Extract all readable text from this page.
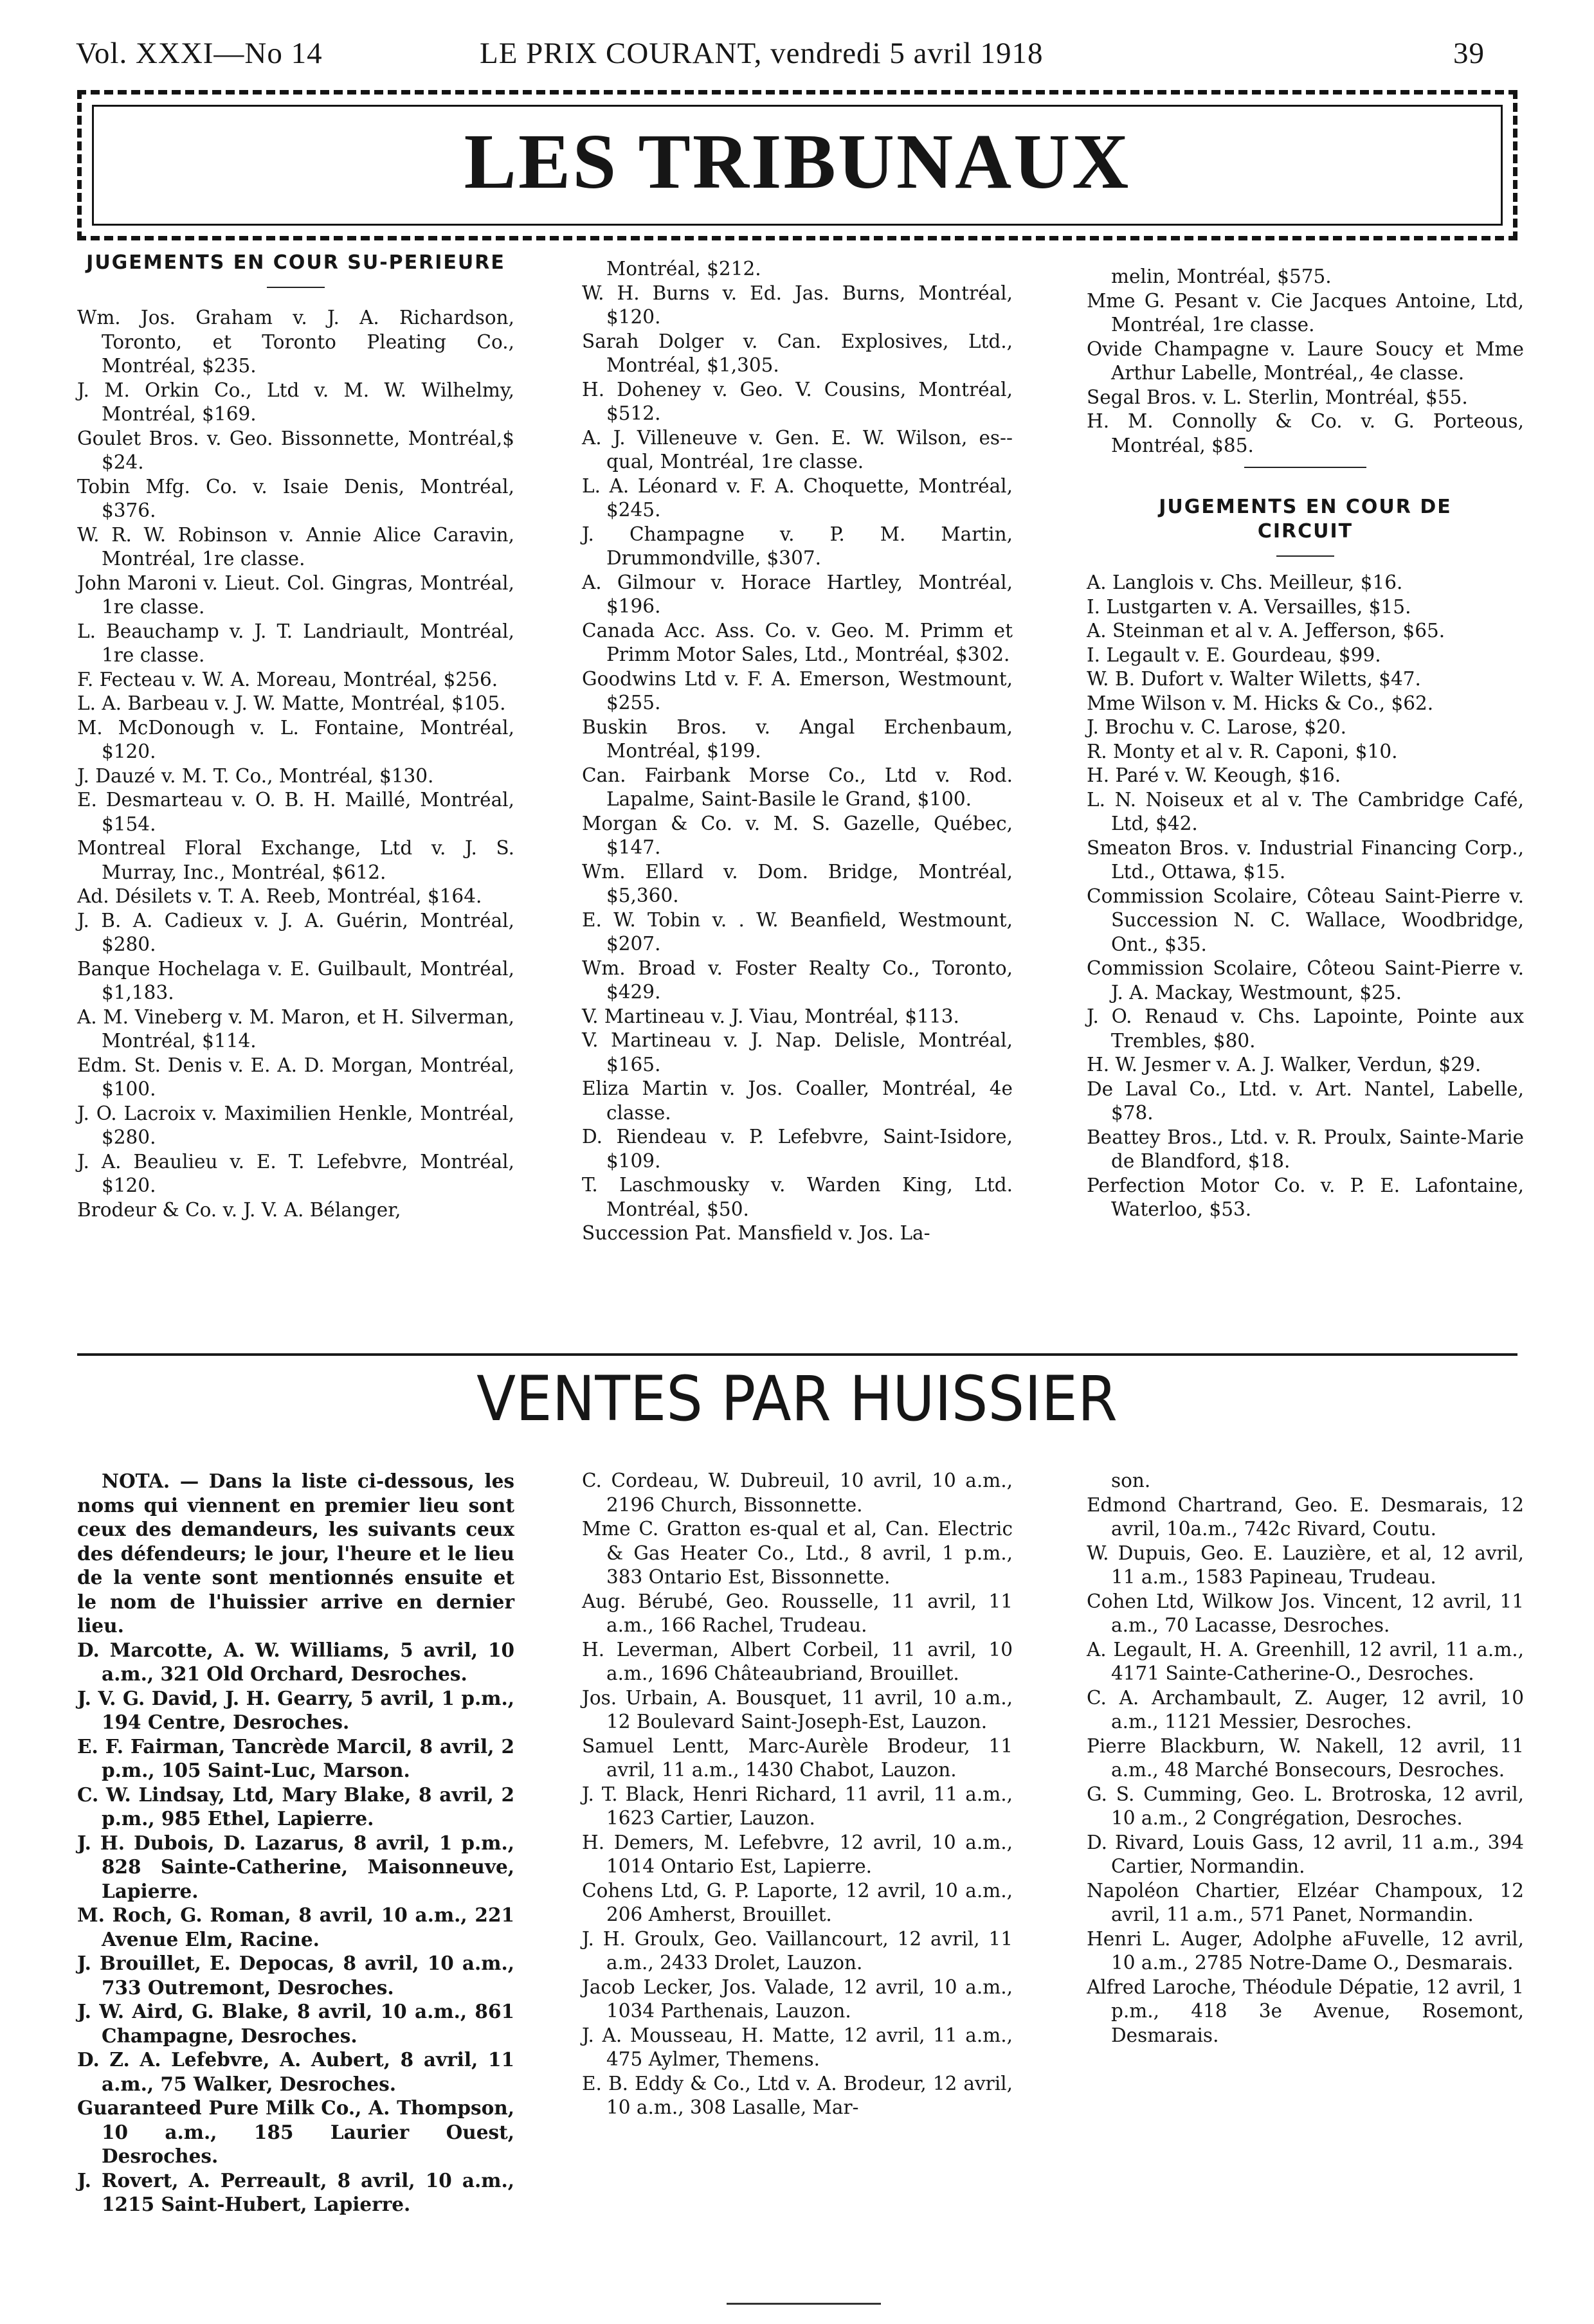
Vol. XXXI—No 14	LE PRIX COURANT, vendredi 5 avril 1918	39
LES TRIBUNAUX
JUGEMENTS EN COUR SU-PERIEURE

Wm. Jos. Graham v. J. A. Richardson, Toronto, et Toronto Pleating Co., Montréal, $235.

J. M. Orkin Co., Ltd v. M. W. Wilhelmy, Montréal, $169.

Goulet Bros. v. Geo. Bissonnette, Montréal,$ $24.

Tobin Mfg. Co. v. Isaie Denis, Montréal, $376.

W. R. W. Robinson v. Annie Alice Caravin, Montréal, 1re classe.

John Maroni v. Lieut. Col. Gingras, Montréal, 1re classe.

L. Beauchamp v. J. T. Landriault, Montréal, 1re classe.

F. Fecteau v. W. A. Moreau, Montréal, $256.

L. A. Barbeau v. J. W. Matte, Montréal, $105.

M. McDonough v. L. Fontaine, Montréal, $120.

J. Dauzé v. M. T. Co., Montréal, $130.

E. Desmarteau v. O. B. H. Maillé, Montréal, $154.

Montreal Floral Exchange, Ltd v. J. S. Murray, Inc., Montréal, $612.

Ad. Désilets v. T. A. Reeb, Montréal, $164.

J. B. A. Cadieux v. J. A. Guérin, Montréal, $280.

Banque Hochelaga v. E. Guilbault, Montréal, $1,183.

A. M. Vineberg v. M. Maron, et H. Silverman, Montréal, $114.

Edm. St. Denis v. E. A. D. Morgan, Montréal, $100.

J. O. Lacroix v. Maximilien Henkle, Montréal, $280.

J. A. Beaulieu v. E. T. Lefebvre, Montréal, $120.

Brodeur & Co. v. J. V. A. Bélanger,

Montréal, $212.

W. H. Burns v. Ed. Jas. Burns, Montréal, $120.

Sarah Dolger v. Can. Explosives, Ltd., Montréal, $1,305.

H. Doheney v. Geo. V. Cousins, Montréal, $512.

A. J. Villeneuve v. Gen. E. W. Wilson, es--qual, Montréal, 1re classe.

L. A. Léonard v. F. A. Choquette, Montréal, $245.

J. Champagne v. P. M. Martin, Drummondville, $307.

A. Gilmour v. Horace Hartley, Montréal, $196.

Canada Acc. Ass. Co. v. Geo. M. Primm et Primm Motor Sales, Ltd., Montréal, $302.

Goodwins Ltd v. F. A. Emerson, Westmount, $255.

Buskin Bros. v. Angal Erchenbaum, Montréal, $199.

Can. Fairbank Morse Co., Ltd v. Rod. Lapalme, Saint-Basile le Grand, $100.

Morgan & Co. v. M. S. Gazelle, Québec, $147.

Wm. Ellard v. Dom. Bridge, Montréal, $5,360.

E. W. Tobin v. . W. Beanfield, Westmount, $207.

Wm. Broad v. Foster Realty Co., Toronto, $429.

V. Martineau v. J. Viau, Montréal, $113.

V. Martineau v. J. Nap. Delisle, Montréal, $165.

Eliza Martin v. Jos. Coaller, Montréal, 4e classe.

D. Riendeau v. P. Lefebvre, Saint-Isidore, $109.

T. Laschmousky v. Warden King, Ltd. Montréal, $50.

Succession Pat. Mansfield v. Jos. La-

melin, Montréal, $575.

Mme G. Pesant v. Cie Jacques Antoine, Ltd, Montréal, 1re classe.

Ovide Champagne v. Laure Soucy et Mme Arthur Labelle, Montréal,, 4e classe.

Segal Bros. v. L. Sterlin, Montréal, $55.

H. M. Connolly & Co. v. G. Porteous, Montréal, $85.

JUGEMENTS EN COUR DE CIRCUIT

A. Langlois v. Chs. Meilleur, $16.

I. Lustgarten v. A. Versailles, $15.

A. Steinman et al v. A. Jefferson, $65.

I. Legault v. E. Gourdeau, $99.

W. B. Dufort v. Walter Wiletts, $47.

Mme Wilson v. M. Hicks & Co., $62.

J. Brochu v. C. Larose, $20.

R. Monty et al v. R. Caponi, $10.

H. Paré v. W. Keough, $16.

L. N. Noiseux et al v. The Cambridge Café, Ltd, $42.

Smeaton Bros. v. Industrial Financing Corp., Ltd., Ottawa, $15.

Commission Scolaire, Côteau Saint-Pierre v. Succession N. C. Wallace, Woodbridge, Ont., $35.

Commission Scolaire, Côteou Saint-Pierre v. J. A. Mackay, Westmount, $25.

J. O. Renaud v. Chs. Lapointe, Pointe aux Trembles, $80.

H. W. Jesmer v. A. J. Walker, Verdun, $29.

De Laval Co., Ltd. v. Art. Nantel, Labelle, $78.

Beattey Bros., Ltd. v. R. Proulx, Sainte-Marie de Blandford, $18.

Perfection Motor Co. v. P. E. Lafontaine, Waterloo, $53.

VENTES PAR HUISSIER

NOTA. — Dans la liste ci-dessous, les noms qui viennent en premier lieu sont ceux des demandeurs, les suivants ceux des défendeurs; le jour, l'heure et le lieu de la vente sont mentionnés ensuite et le nom de l'huissier arrive en dernier lieu.

D. Marcotte, A. W. Williams, 5 avril, 10 a.m., 321 Old Orchard, Desroches.

J. V. G. David, J. H. Gearry, 5 avril, 1 p.m., 194 Centre, Desroches.

E. F. Fairman, Tancrède Marcil, 8 avril, 2 p.m., 105 Saint-Luc, Marson.

C. W. Lindsay, Ltd, Mary Blake, 8 avril, 2 p.m., 985 Ethel, Lapierre.

J. H. Dubois, D. Lazarus, 8 avril, 1 p.m., 828 Sainte-Catherine, Maisonneuve, Lapierre.

M. Roch, G. Roman, 8 avril, 10 a.m., 221 Avenue Elm, Racine.

J. Brouillet, E. Depocas, 8 avril, 10 a.m., 733 Outremont, Desroches.

J. W. Aird, G. Blake, 8 avril, 10 a.m., 861 Champagne, Desroches.

D. Z. A. Lefebvre, A. Aubert, 8 avril, 11 a.m., 75 Walker, Desroches.

Guaranteed Pure Milk Co., A. Thompson, 10 a.m., 185 Laurier Ouest, Desroches.

J. Rovert, A. Perreault, 8 avril, 10 a.m., 1215 Saint-Hubert, Lapierre.

C. Cordeau, W. Dubreuil, 10 avril, 10 a.m., 2196 Church, Bissonnette.

Mme C. Gratton es-qual et al, Can. Electric & Gas Heater Co., Ltd., 8 avril, 1 p.m., 383 Ontario Est, Bissonnette.

Aug. Bérubé, Geo. Rousselle, 11 avril, 11 a.m., 166 Rachel, Trudeau.

H. Leverman, Albert Corbeil, 11 avril, 10 a.m., 1696 Châteaubriand, Brouillet.

Jos. Urbain, A. Bousquet, 11 avril, 10 a.m., 12 Boulevard Saint-Joseph-Est, Lauzon.

Samuel Lentt, Marc-Aurèle Brodeur, 11 avril, 11 a.m., 1430 Chabot, Lauzon.

J. T. Black, Henri Richard, 11 avril, 11 a.m., 1623 Cartier, Lauzon.

H. Demers, M. Lefebvre, 12 avril, 10 a.m., 1014 Ontario Est, Lapierre.

Cohens Ltd, G. P. Laporte, 12 avril, 10 a.m., 206 Amherst, Brouillet.

J. H. Groulx, Geo. Vaillancourt, 12 avril, 11 a.m., 2433 Drolet, Lauzon.

Jacob Lecker, Jos. Valade, 12 avril, 10 a.m., 1034 Parthenais, Lauzon.

J. A. Mousseau, H. Matte, 12 avril, 11 a.m., 475 Aylmer, Themens.

E. B. Eddy & Co., Ltd v. A. Brodeur, 12 avril, 10 a.m., 308 Lasalle, Mar-

son.

Edmond Chartrand, Geo. E. Desmarais, 12 avril, 10a.m., 742c Rivard, Coutu.

W. Dupuis, Geo. E. Lauzière, et al, 12 avril, 11 a.m., 1583 Papineau, Trudeau.

Cohen Ltd, Wilkow Jos. Vincent, 12 avril, 11 a.m., 70 Lacasse, Desroches.

A. Legault, H. A. Greenhill, 12 avril, 11 a.m., 4171 Sainte-Catherine-O., Desroches.

C. A. Archambault, Z. Auger, 12 avril, 10 a.m., 1121 Messier, Desroches.

Pierre Blackburn, W. Nakell, 12 avril, 11 a.m., 48 Marché Bonsecours, Desroches.

G. S. Cumming, Geo. L. Brotroska, 12 avril, 10 a.m., 2 Congrégation, Desroches.

D. Rivard, Louis Gass, 12 avril, 11 a.m., 394 Cartier, Normandin.

Napoléon Chartier, Elzéar Champoux, 12 avril, 11 a.m., 571 Panet, Normandin.

Henri L. Auger, Adolphe aFuvelle, 12 avril, 10 a.m., 2785 Notre-Dame O., Desmarais.

Alfred Laroche, Théodule Dépatie, 12 avril, 1 p.m., 418 3e Avenue, Rosemont, Desmarais.
